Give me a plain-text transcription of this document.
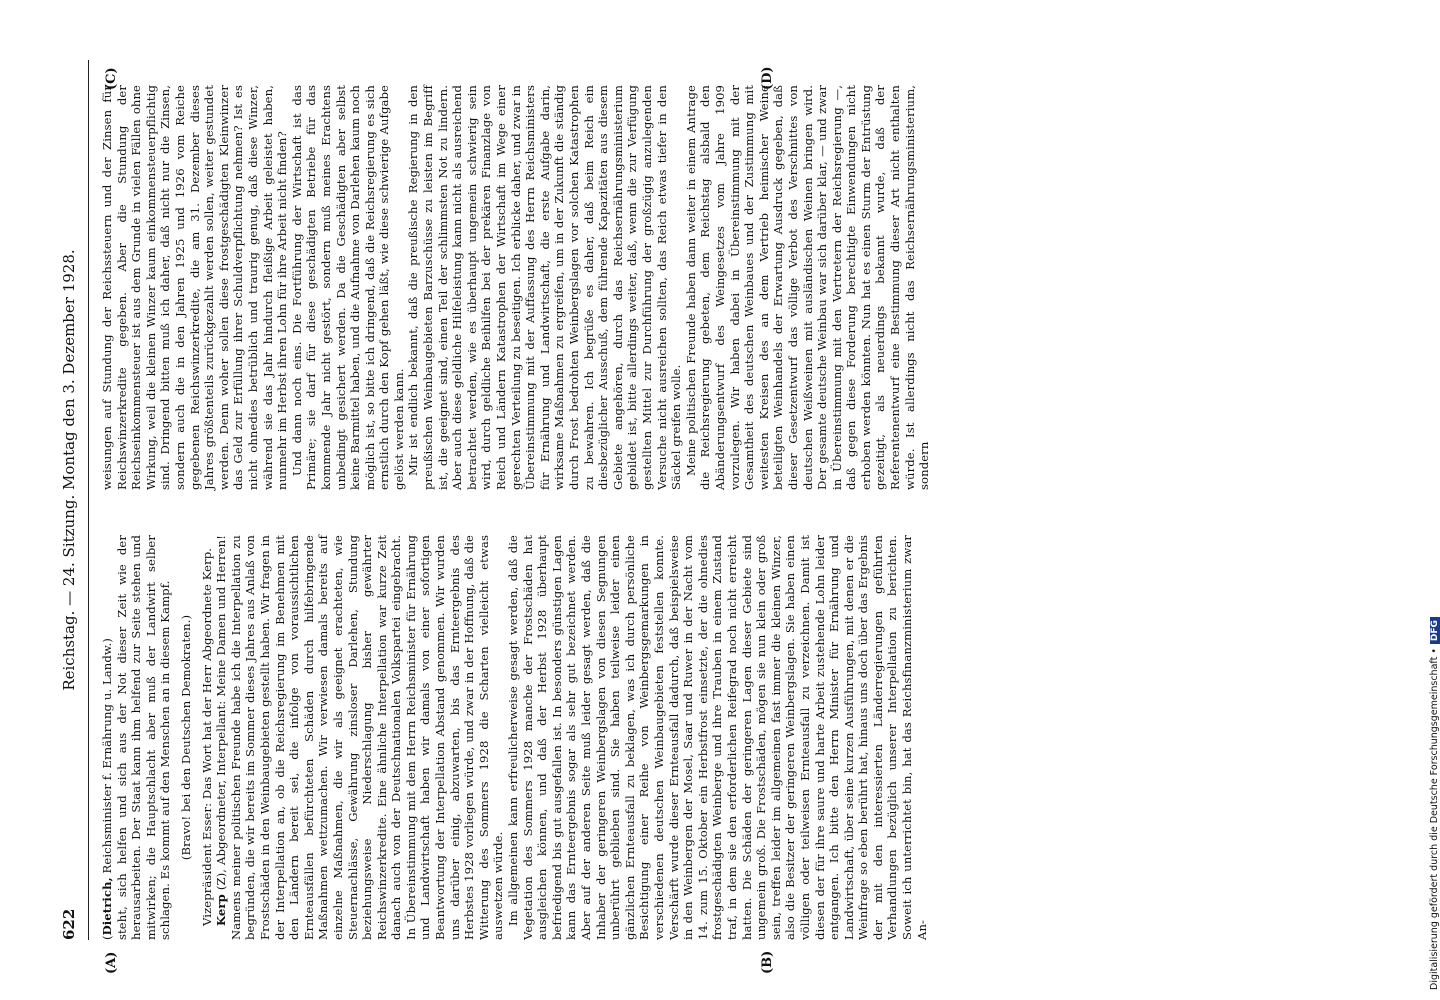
622
Reichstag. — 24. Sitzung. Montag den 3. Dezember 1928.

(Dietrich, Reichsminister f. Ernährung u. Landw.) steht, sich helfen und sich aus der Not dieser Zeit wie der herausarbeiten. Der Staat kann ihm helfend zur Seite stehen und mitwirken; die Hauptschlacht aber muß der Landwirt selber schlagen. Es kommt auf den Menschen an in diesem Kampf. (Bravo! bei den Deutschen Demokraten.) Vizepräsident Esser: Das Wort hat der Herr Abgeordnete Kerp. Kerp (Z), Abgeordneter, Interpellant: Meine Damen und Herren! Namens meiner politischen Freunde habe ich die Interpellation zu begründen, die wir bereits im Sommer dieses Jahres aus Anlaß von Frostschäden in den Weinbaugebieten gestellt haben. Wir fragen in der Interpellation an, ob die Reichsregierung im Benehmen mit den Ländern bereit sei, die infolge von voraussichtlichen Ernteausfällen befürchteten Schäden durch hilfebringende Maßnahmen wettzumachen. Wir verwiesen damals bereits auf einzelne Maßnahmen, die wir als geeignet erachteten, wie Steuernachlässe, Gewährung zinsloser Darlehen, Stundung beziehungsweise Niederschlagung bisher gewährter Reichswinzerkredite. Eine ähnliche Interpellation war kurze Zeit danach auch von der Deutschnationalen Volkspartei eingebracht. In Übereinstimmung mit dem Herrn Reichsminister für Ernährung und Landwirtschaft haben wir damals von einer sofortigen Beantwortung der Interpellation Abstand genommen. Wir wurden uns darüber einig, abzuwarten, bis das Ernteergebnis des Herbstes 1928 vorliegen würde, und zwar in der Hoffnung, daß die Witterung des Sommers 1928 die Scharten vielleicht etwas auswetzen würde. Im allgemeinen kann erfreulicherweise gesagt werden, daß die Vegetation des Sommers 1928 manche der Frostschäden hat ausgleichen können, und daß der Herbst 1928 überhaupt befriedigend bis gut ausgefallen ist. In besonders günstigen Lagen kann das Ernteergebnis sogar als sehr gut bezeichnet werden. Aber auf der anderen Seite muß leider gesagt werden, daß die Inhaber der geringeren Weinbergslagen von diesen Segnungen unberührt geblieben sind. Sie haben teilweise leider einen gänzlichen Ernteausfall zu beklagen, was ich durch persönliche Besichtigung einer Reihe von Weinbergsgemarkungen in verschiedenen deutschen Weinbaugebieten feststellen konnte. Verschärft wurde dieser Ernteausfall dadurch, daß beispielsweise in den Weinbergen der Mosel, Saar und Ruwer in der Nacht vom 14. zum 15. Oktober ein Herbstfrost einsetzte, der die ohnedies frostgeschädigten Weinberge und ihre Trauben in einem Zustand traf, in dem sie den erforderlichen Reifegrad noch nicht erreicht hatten. Die Schäden der geringeren Lagen dieser Gebiete sind ungemein groß. Die Frostschäden, mögen sie nun klein oder groß sein, treffen leider im allgemeinen fast immer die kleinen Winzer, also die Besitzer der geringeren Weinbergslagen. Sie haben einen völligen oder teilweisen Ernteausfall zu verzeichnen. Damit ist diesen der für ihre saure und harte Arbeit zustehende Lohn leider entgangen. Ich bitte den Herrn Minister für Ernährung und Landwirtschaft, über seine kurzen Ausführungen, mit denen er die Weinfrage so eben berührt hat, hinaus uns doch über das Ergebnis der mit den interessierten Länderregierungen geführten Verhandlungen bezüglich unserer Interpellation zu berichten. Soweit ich unterrichtet bin, hat das Reichsfinanzministerium zwar An-

weisungen auf Stundung der Reichssteuern und der Zinsen für Reichswinzerkredite gegeben. Aber die Stundung der Reichseinkommensteuer ist aus dem Grunde in vielen Fällen ohne Wirkung, weil die kleinen Winzer kaum einkommensteuerpflichtig sind. Dringend bitten muß ich daher, daß nicht nur die Zinsen, sondern auch die in den Jahren 1925 und 1926 vom Reiche gegebenen Reichswinzerkredite, die am 31. Dezember dieses Jahres größtenteils zurückgezahlt werden sollen, weiter gestundet werden. Denn woher sollen diese frostgeschädigten Kleinwinzer das Geld zur Erfüllung ihrer Schuldverpflichtung nehmen? Ist es nicht ohnedies betrüblich und traurig genug, daß diese Winzer, während sie das Jahr hindurch fleißige Arbeit geleistet haben, nunmehr im Herbst ihren Lohn für ihre Arbeit nicht finden? Und dann noch eins. Die Fortführung der Wirtschaft ist das Primäre; sie darf für diese geschädigten Betriebe für das kommende Jahr nicht gestört, sondern muß meines Erachtens unbedingt gesichert werden. Da die Geschädigten aber selbst keine Barmittel haben, und die Aufnahme von Darlehen kaum noch möglich ist, so bitte ich dringend, daß die Reichsregierung es sich ernstlich durch den Kopf gehen läßt, wie diese schwierige Aufgabe gelöst werden kann. Mir ist endlich bekannt, daß die preußische Regierung in den preußischen Weinbaugebieten Barzuschüsse zu leisten im Begriff ist, die geeignet sind, einen Teil der schlimmsten Not zu lindern. Aber auch diese geldliche Hilfeleistung kann nicht als ausreichend betrachtet werden, wie es überhaupt ungemein schwierig sein wird, durch geldliche Beihilfen bei der prekären Finanzlage von Reich und Ländern Katastrophen der Wirtschaft im Wege einer gerechten Verteilung zu beseitigen. Ich erblicke daher, und zwar in Übereinstimmung mit der Auffassung des Herrn Reichsministers für Ernährung und Landwirtschaft, die erste Aufgabe darin, wirksame Maßnahmen zu ergreifen, um in der Zukunft die ständig durch Frost bedrohten Weinbergslagen vor solchen Katastrophen zu bewahren. Ich begrüße es daher, daß beim Reich ein diesbezüglicher Ausschuß, dem führende Kapazitäten aus diesem Gebiete angehören, durch das Reichsernährungsministerium gebildet ist, bitte allerdings weiter, daß, wenn die zur Verfügung gestellten Mittel zur Durchführung der großzügig anzulegenden Versuche nicht ausreichen sollten, das Reich etwas tiefer in den Säckel greifen wolle. Meine politischen Freunde haben dann weiter in einem Antrage die Reichsregierung gebeten, dem Reichstag alsbald den Abänderungsentwurf des Weingesetzes vom Jahre 1909 vorzulegen. Wir haben dabei in Übereinstimmung mit der Gesamtheit des deutschen Weinbaues und der Zustimmung mit weitesten Kreisen des an dem Vertrieb heimischer Weine beteiligten Weinhandels der Erwartung Ausdruck gegeben, daß dieser Gesetzentwurf das völlige Verbot des Verschnittes von deutschen Weißweinen mit ausländischen Weinen bringen wird. Der gesamte deutsche Weinbau war sich darüber klar, — und zwar in Übereinstimmung mit den Vertretern der Reichsregierung —, daß gegen diese Forderung berechtigte Einwendungen nicht erhoben werden könnten. Nun hat es einen Sturm der Entrüstung gezeitigt, als neuerdings bekannt wurde, daß der Referentenentwurf eine Bestimmung dieser Art nicht enthalten würde. Ist allerdings nicht das Reichsernährungsministerium, sondern

(A)	(B)
(C)	(D)
Digitalisierung gefördert durch die Deutsche Forschungsgemeinschaft •DFG
